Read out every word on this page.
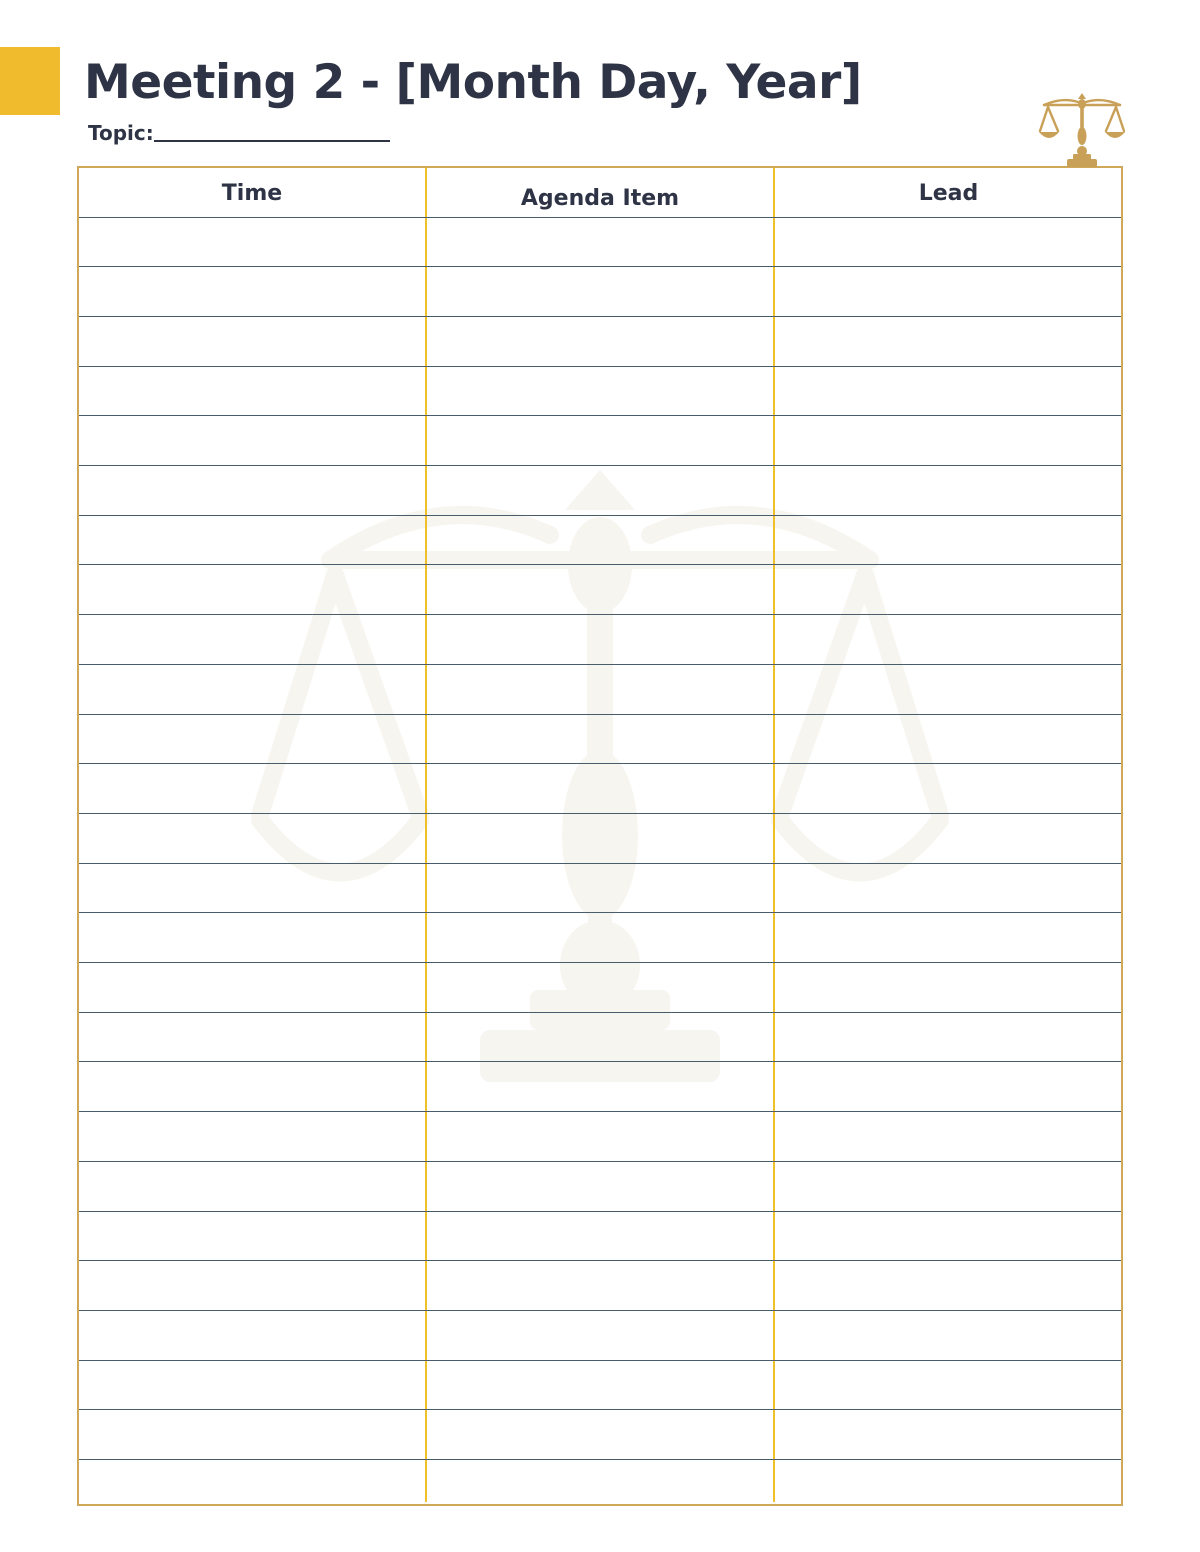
Meeting 2 - [Month Day, Year]
Topic:
Time	Agenda Item	Lead
